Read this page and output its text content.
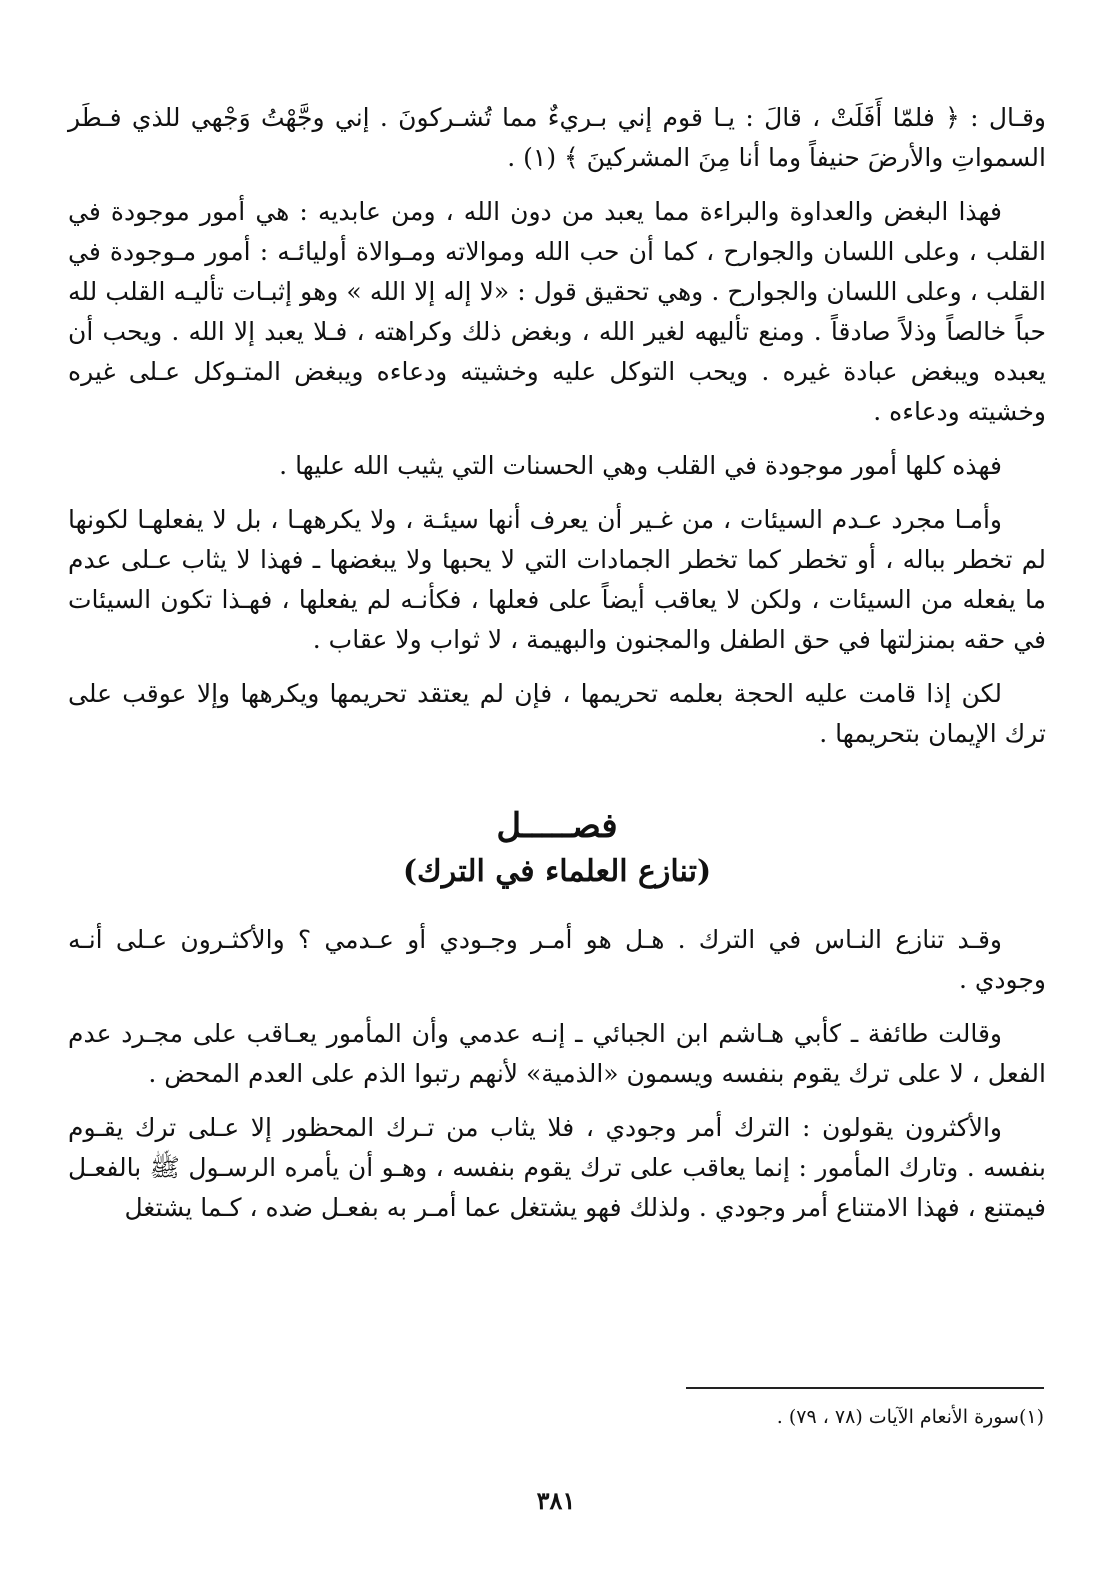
وقـال : ﴿ فلمّا أَفَلَتْ ، قالَ : يـا قوم إني بـريءٌ مما تُشـركونَ . إني وجَّهْتُ وَجْهي للذي فـطَر السمواتِ والأرضَ حنيفاً وما أنا مِنَ المشركينَ ﴾ (١) .

فهذا البغض والعداوة والبراءة مما يعبد من دون الله ، ومن عابديه : هي أمور موجودة في القلب ، وعلى اللسان والجوارح ، كما أن حب الله وموالاته ومـوالاة أوليائـه : أمور مـوجودة في القلب ، وعلى اللسان والجوارح . وهي تحقيق قول : «لا إله إلا الله » وهو إثبـات تأليـه القلب لله حباً خالصاً وذلاً صادقاً . ومنع تأليهه لغير الله ، وبغض ذلك وكراهته ، فـلا يعبد إلا الله . ويحب أن يعبده ويبغض عبادة غيره . ويحب التوكل عليه وخشيته ودعاءه ويبغض المتـوكل عـلى غيره وخشيته ودعاءه .

فهذه كلها أمور موجودة في القلب وهي الحسنات التي يثيب الله عليها .

وأمـا مجرد عـدم السيئات ، من غـير أن يعرف أنها سيئـة ، ولا يكرههـا ، بل لا يفعلهـا لكونها لم تخطر بباله ، أو تخطر كما تخطر الجمادات التي لا يحبها ولا يبغضها ـ فهذا لا يثاب عـلى عدم ما يفعله من السيئات ، ولكن لا يعاقب أيضاً على فعلها ، فكأنـه لم يفعلها ، فهـذا تكون السيئات في حقه بمنزلتها في حق الطفل والمجنون والبهيمة ، لا ثواب ولا عقاب .

لكن إذا قامت عليه الحجة بعلمه تحريمها ، فإن لم يعتقد تحريمها ويكرهها وإلا عوقب على ترك الإيمان بتحريمها .

فصـــــل
(تنازع العلماء في الترك)

وقـد تنازع النـاس في الترك . هـل هو أمـر وجـودي أو عـدمي ؟ والأكثـرون عـلى أنـه وجودي .

وقالت طائفة ـ كأبي هـاشم ابن الجبائي ـ إنـه عدمي وأن المأمور يعـاقب على مجـرد عدم الفعل ، لا على ترك يقوم بنفسه ويسمون «الذمية» لأنهم رتبوا الذم على العدم المحض .

والأكثرون يقولون : الترك أمر وجودي ، فلا يثاب من تـرك المحظور إلا عـلى ترك يقـوم بنفسه . وتارك المأمور : إنما يعاقب على ترك يقوم بنفسه ، وهـو أن يأمره الرسـول ﷺ بالفعـل فيمتنع ، فهذا الامتناع أمر وجودي . ولذلك فهو يشتغل عما أمـر به بفعـل ضده ، كـما يشتغل

(١)سورة الأنعام الآيات (٧٨ ، ٧٩) .
٣٨١
